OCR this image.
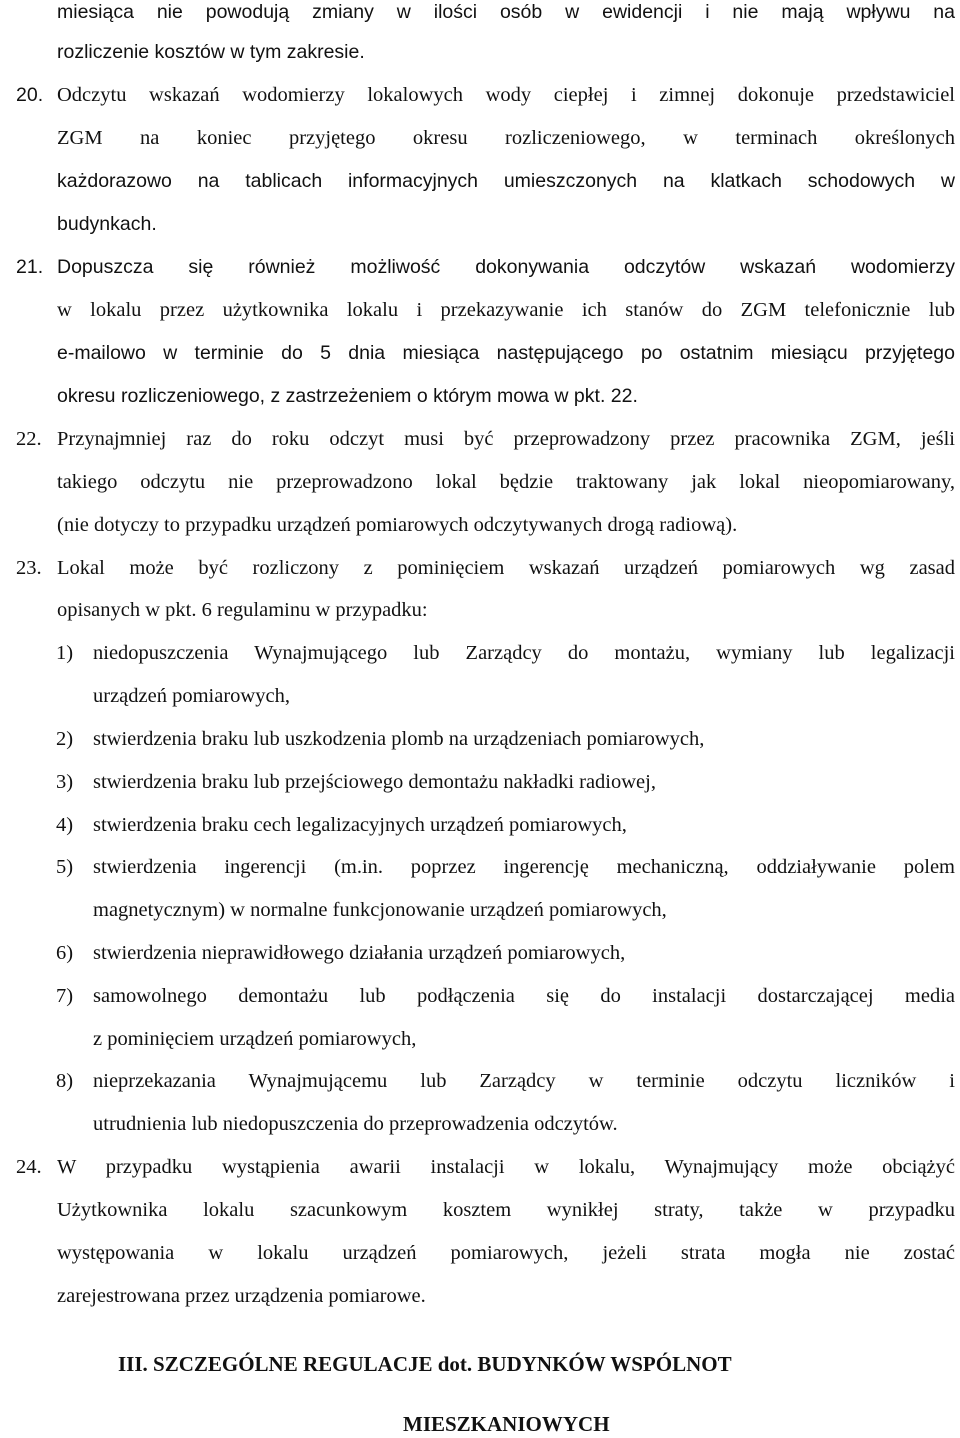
miesiąca nie powodują zmiany w ilości osób w ewidencji i nie mają wpływu na
rozliczenie kosztów w tym zakresie.
20. Odczytu wskazań wodomierzy lokalowych wody ciepłej i zimnej dokonuje przedstawiciel
ZGM na koniec przyjętego okresu rozliczeniowego, w terminach określonych
każdorazowo na tablicach informacyjnych umieszczonych na klatkach schodowych w
budynkach.
21. Dopuszcza się również możliwość dokonywania odczytów wskazań wodomierzy
w lokalu przez użytkownika lokalu i przekazywanie ich stanów do ZGM telefonicznie lub
e-mailowo w terminie do 5 dnia miesiąca następującego po ostatnim miesiącu przyjętego
okresu rozliczeniowego, z zastrzeżeniem o którym mowa w pkt. 22.
22. Przynajmniej raz do roku odczyt musi być przeprowadzony przez pracownika ZGM, jeśli
takiego odczytu nie przeprowadzono lokal będzie traktowany jak lokal nieopomiarowany,
(nie dotyczy to przypadku urządzeń pomiarowych odczytywanych drogą radiową).
23. Lokal może być rozliczony z pominięciem wskazań urządzeń pomiarowych wg zasad
opisanych w pkt. 6 regulaminu w przypadku:
1) niedopuszczenia Wynajmującego lub Zarządcy do montażu, wymiany lub legalizacji
urządzeń pomiarowych,
2) stwierdzenia braku lub uszkodzenia plomb na urządzeniach pomiarowych,
3) stwierdzenia braku lub przejściowego demontażu nakładki radiowej,
4) stwierdzenia braku cech legalizacyjnych urządzeń pomiarowych,
5) stwierdzenia ingerencji (m.in. poprzez ingerencję mechaniczną, oddziaływanie polem
magnetycznym) w normalne funkcjonowanie urządzeń pomiarowych,
6) stwierdzenia nieprawidłowego działania urządzeń pomiarowych,
7) samowolnego demontażu lub podłączenia się do instalacji dostarczającej media
z pominięciem urządzeń pomiarowych,
8) nieprzekazania Wynajmującemu lub Zarządcy w terminie odczytu liczników i
utrudnienia lub niedopuszczenia do przeprowadzenia odczytów.
24. W przypadku wystąpienia awarii instalacji w lokalu, Wynajmujący może obciążyć
Użytkownika lokalu szacunkowym kosztem wynikłej straty, także w przypadku
występowania w lokalu urządzeń pomiarowych, jeżeli strata mogła nie zostać
zarejestrowana przez urządzenia pomiarowe.
III. SZCZEGÓLNE REGULACJE dot. BUDYNKÓW WSPÓLNOT
MIESZKANIOWYCH
